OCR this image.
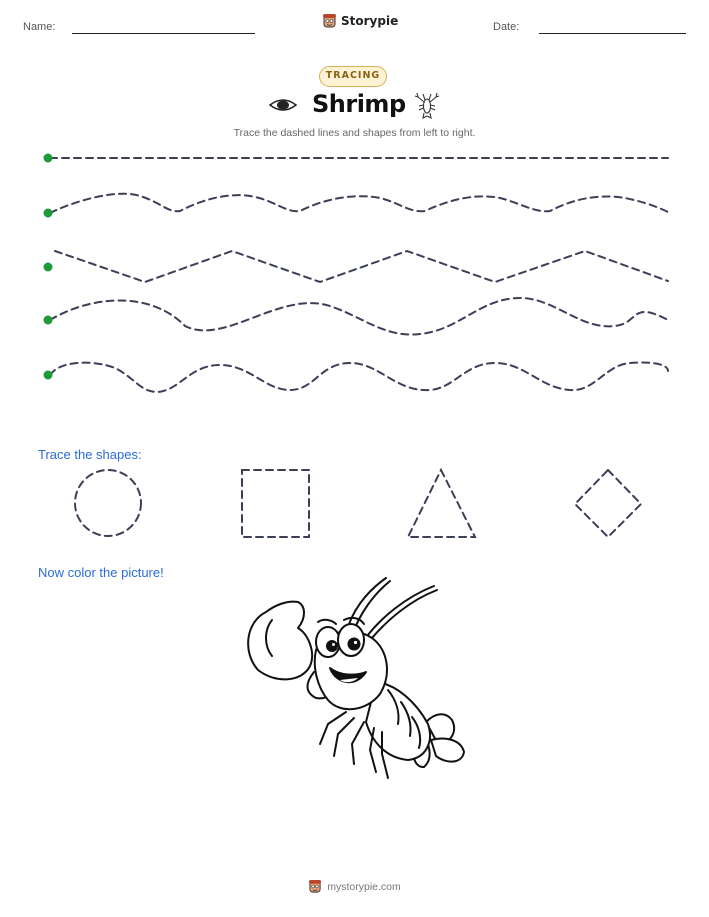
Name:	Storypie	Date:
TRACING
Shrimp
Trace the dashed lines and shapes from left to right.
Trace the shapes:
Now color the picture!
mystorypie.com
